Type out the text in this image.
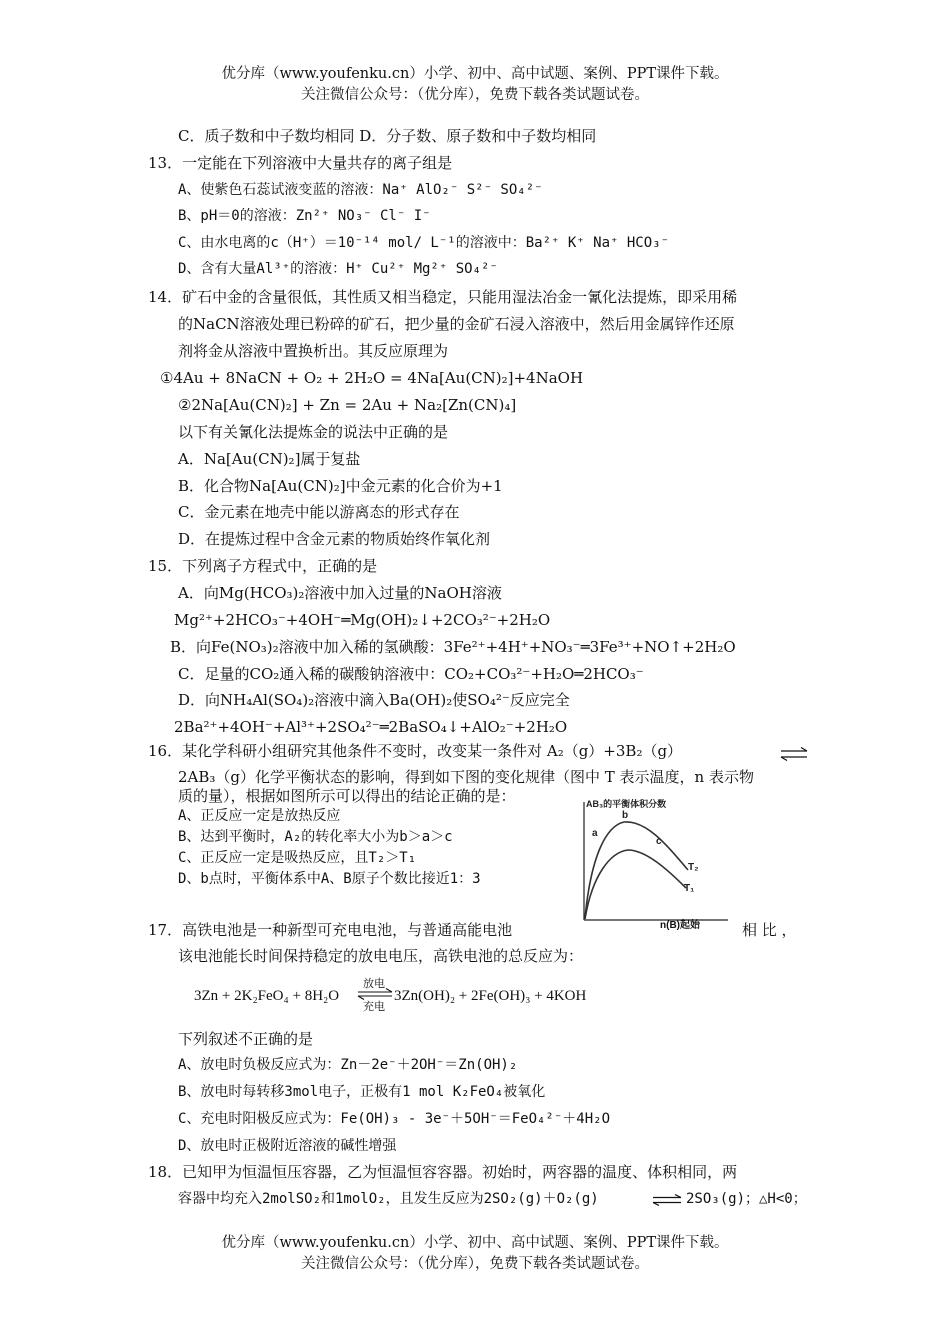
优分库（www.youfenku.cn）小学、初中、高中试题、案例、PPT课件下载。
关注微信公众号：（优分库），免费下载各类试题试卷。
C．质子数和中子数均相同 D．分子数、原子数和中子数均相同
13．一定能在下列溶液中大量共存的离子组是
A、使紫色石蕊试液变蓝的溶液：Na⁺ AlO₂⁻ S²⁻ SO₄²⁻
B、pH＝0的溶液：Zn²⁺ NO₃⁻ Cl⁻ I⁻
C、由水电离的c（H⁺）＝10⁻¹⁴ mol/ L⁻¹的溶液中：Ba²⁺ K⁺ Na⁺ HCO₃⁻
D、含有大量Al³⁺的溶液：H⁺ Cu²⁺ Mg²⁺ SO₄²⁻
14．矿石中金的含量很低，其性质又相当稳定，只能用湿法冶金一氰化法提炼，即采用稀
的NaCN溶液处理已粉碎的矿石，把少量的金矿石浸入溶液中，然后用金属锌作还原
剂将金从溶液中置换析出。其反应原理为
①4Au + 8NaCN + O₂ + 2H₂O = 4Na[Au(CN)₂]+4NaOH
②2Na[Au(CN)₂] + Zn = 2Au + Na₂[Zn(CN)₄]
以下有关氰化法提炼金的说法中正确的是
A．Na[Au(CN)₂]属于复盐
B．化合物Na[Au(CN)₂]中金元素的化合价为+1
C．金元素在地壳中能以游离态的形式存在
D．在提炼过程中含金元素的物质始终作氧化剂
15．下列离子方程式中，正确的是
A．向Mg(HCO₃)₂溶液中加入过量的NaOH溶液
Mg²⁺+2HCO₃⁻+4OH⁻═Mg(OH)₂↓+2CO₃²⁻+2H₂O
B．向Fe(NO₃)₂溶液中加入稀的氢碘酸：3Fe²⁺+4H⁺+NO₃⁻═3Fe³⁺+NO↑+2H₂O
C．足量的CO₂通入稀的碳酸钠溶液中：CO₂+CO₃²⁻+H₂O═2HCO₃⁻
D．向NH₄Al(SO₄)₂溶液中滴入Ba(OH)₂使SO₄²⁻反应完全
2Ba²⁺+4OH⁻+Al³⁺+2SO₄²⁻═2BaSO₄↓+AlO₂⁻+2H₂O
16．某化学科研小组研究其他条件不变时，改变某一条件对 A₂（g）+3B₂（g）
2AB₃（g）化学平衡状态的影响，得到如下图的变化规律（图中 T 表示温度，n 表示物
质的量），根据如图所示可以得出的结论正确的是：
A、正反应一定是放热反应
B、达到平衡时，A₂的转化率大小为b＞a＞c
C、正反应一定是吸热反应，且T₂＞T₁
D、b点时，平衡体系中A、B原子个数比接近1：3
AB₃的平衡体积分数
a
b
c
T₂
T₁
17．高铁电池是一种新型可充电电池，与普通高能电池	n(B)起始	相 比 ，
该电池能长时间保持稳定的放电电压，高铁电池的总反应为：
3Zn + 2K₂FeO₄ + 8H₂O
放电
充电
3Zn(OH)₂ + 2Fe(OH)₃ + 4KOH
下列叙述不正确的是
A、放电时负极反应式为：Zn－2e⁻＋2OH⁻＝Zn(OH)₂
B、放电时每转移3mol电子，正极有1 mol K₂FeO₄被氧化
C、充电时阳极反应式为：Fe(OH)₃ - 3e⁻＋5OH⁻＝FeO₄²⁻＋4H₂O
D、放电时正极附近溶液的碱性增强
18．已知甲为恒温恒压容器，乙为恒温恒容容器。初始时，两容器的温度、体积相同，两
容器中均充入2molSO₂和1molO₂，且发生反应为2SO₂(g)＋O₂(g)	⇌ 2SO₃(g)；△H<0；
优分库（www.youfenku.cn）小学、初中、高中试题、案例、PPT课件下载。
关注微信公众号：（优分库），免费下载各类试题试卷。
